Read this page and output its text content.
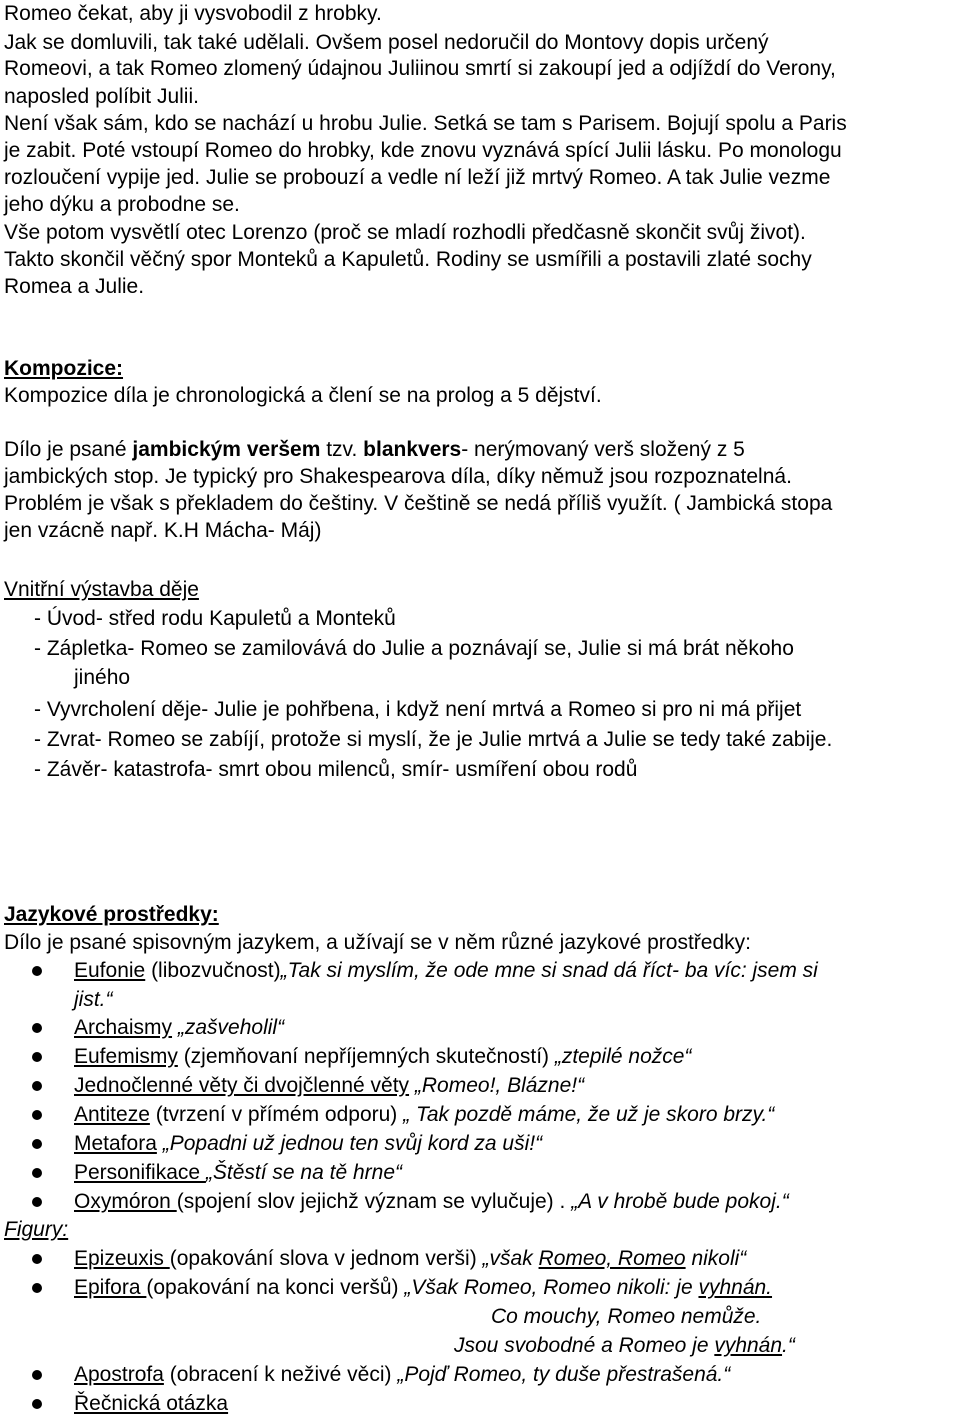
Romeo čekat, aby ji vysvobodil z hrobky.
Jak se domluvili, tak také udělali. Ovšem posel nedoručil do Montovy dopis určený
Romeovi, a tak Romeo zlomený údajnou Juliinou smrtí si zakoupí jed a odjíždí do Verony,
naposled políbit Julii.
Není však sám, kdo se nachází u hrobu Julie. Setká se tam s Parisem. Bojují spolu a Paris
je zabit. Poté vstoupí Romeo do hrobky, kde znovu vyznává spící Julii lásku. Po monologu
rozloučení vypije jed. Julie se probouzí a vedle ní leží již mrtvý Romeo. A tak Julie vezme
jeho dýku a probodne se.
Vše potom vysvětlí otec Lorenzo (proč se mladí rozhodli předčasně skončit svůj život).
Takto skončil věčný spor Monteků a Kapuletů. Rodiny se usmířili a postavili zlaté sochy
Romea a Julie.
Kompozice:
Kompozice díla je chronologická a člení se na prolog a 5 dějství.
Dílo je psané jambickým veršem tzv. blankvers- nerýmovaný verš složený z 5
jambických stop. Je typický pro Shakespearova díla, díky němuž jsou rozpoznatelná.
Problém je však s překladem do češtiny. V češtině se nedá příliš využít. ( Jambická stopa
jen vzácně např. K.H Mácha- Máj)
Vnitřní výstavba děje
- Úvod- střed rodu Kapuletů a Monteků
- Zápletka- Romeo se zamilovává do Julie a poznávají se, Julie si má brát někoho
jiného
- Vyvrcholení děje- Julie je pohřbena, i když není mrtvá a Romeo si pro ni má přijet
- Zvrat- Romeo se zabíjí, protože si myslí, že je Julie mrtvá a Julie se tedy také zabije.
- Závěr- katastrofa- smrt obou milenců, smír- usmíření obou rodů
Jazykové prostředky:
Dílo je psané spisovným jazykem, a užívají se v něm různé jazykové prostředky:
Eufonie (libozvučnost)„Tak si myslím, že ode mne si snad dá říct- ba víc: jsem si
jist.“
Archaismy „zašveholil“
Eufemismy (zjemňovaní nepříjemných skutečností) „ztepilé nožce“
Jednočlenné věty či dvojčlenné věty „Romeo!, Blázne!“
Antiteze (tvrzení v přímém odporu) „ Tak pozdě máme, že už je skoro brzy.“
Metafora „Popadni už jednou ten svůj kord za uši!“
Personifikace „Štěstí se na tě hrne“
Oxymóron (spojení slov jejichž význam se vylučuje) . „A v hrobě bude pokoj.“
Figury:
Epizeuxis (opakování slova v jednom verši) „však Romeo, Romeo nikoli“
Epifora (opakování na konci veršů) „Však Romeo, Romeo nikoli: je vyhnán.
Co mouchy, Romeo nemůže.
Jsou svobodné a Romeo je vyhnán.“
Apostrofa (obracení k neživé věci) „Pojď Romeo, ty duše přestrašená.“
Řečnická otázka
